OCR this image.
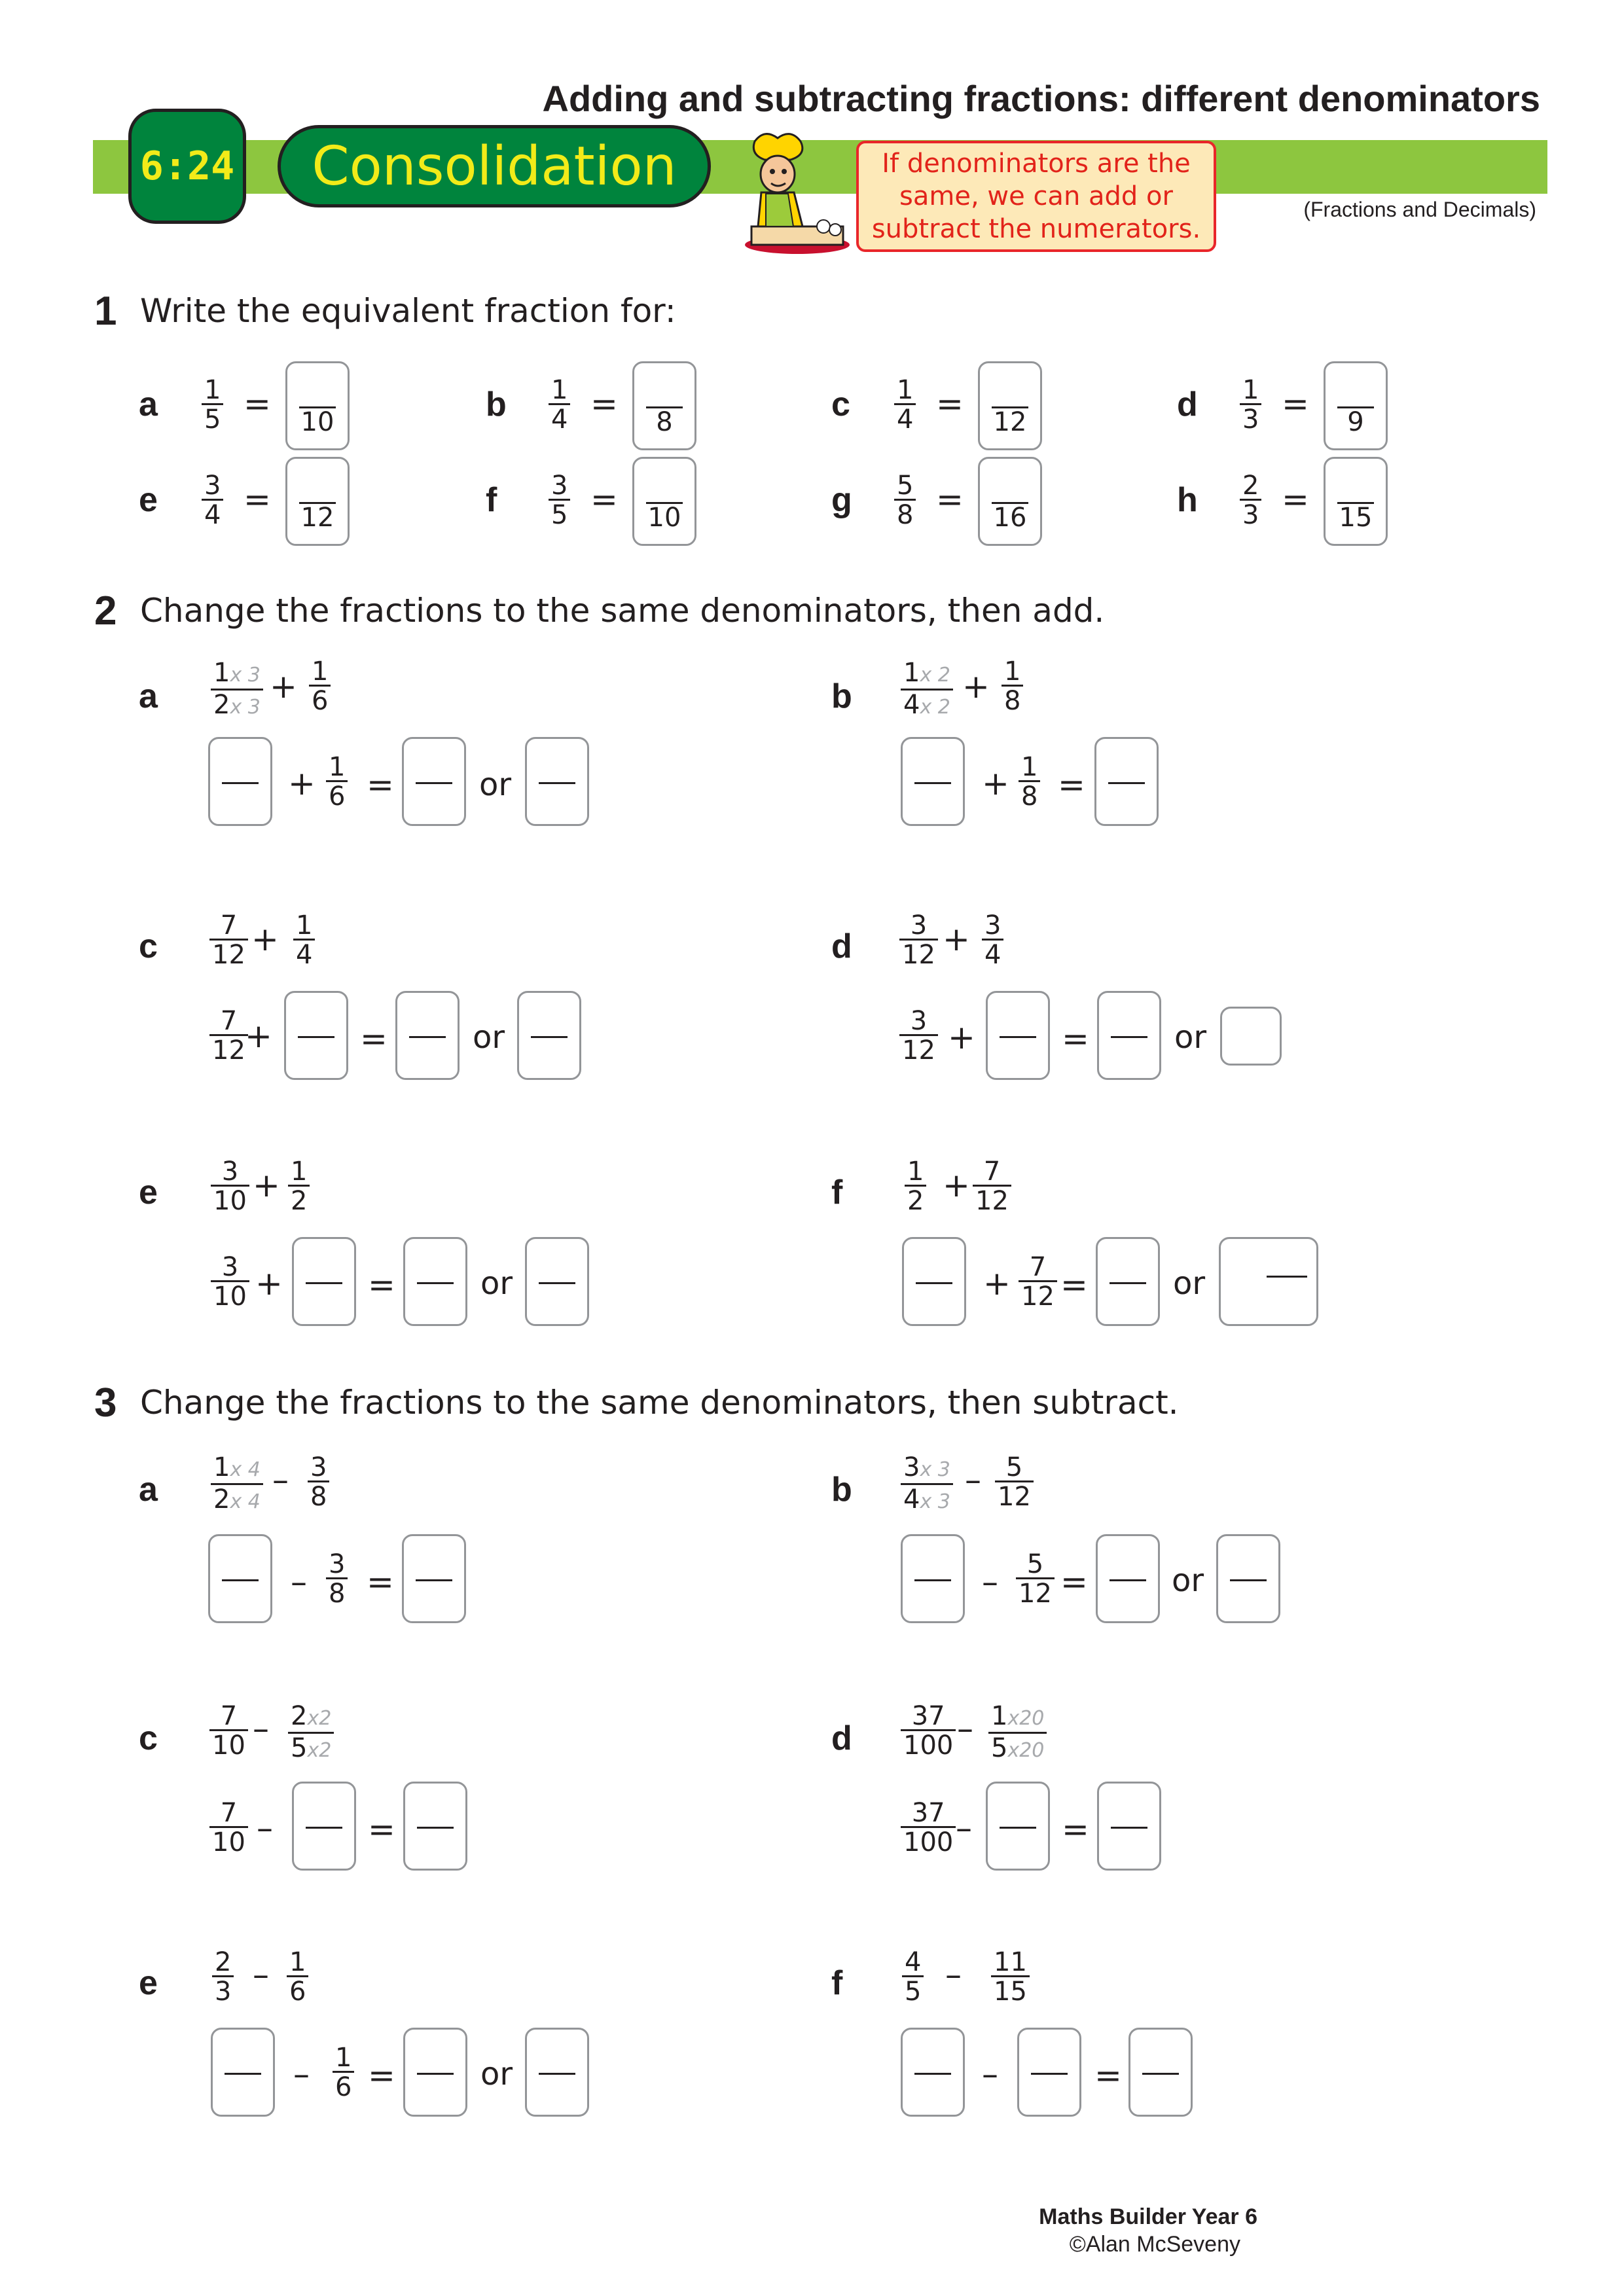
Adding and subtracting fractions: different denominators
6:24	Consolidation	If denominators are the
same, we can add or
subtract the numerators.
(Fractions and Decimals)
1 Write the equivalent fraction for:
a $\frac{1}{5}$ =	10	b $\frac{1}{4}$ =	8	c $\frac{1}{4}$ =	12	d $\frac{1}{3}$ =	9
e $\frac{3}{4}$ =	12	f $\frac{3}{5}$ =	10	g $\frac{5}{8}$ =	16	h $\frac{2}{3}$ =	15
2 Change the fractions to the same denominators, then add.
a $\frac{1x 3}{2x 3} + \frac{1}{6}$
+ $\frac{1}{6}$ =	or
b $\frac{1x 2}{4x 2} + \frac{1}{8}$
+ $\frac{1}{8}$ =
c $\frac{7}{12} + \frac{1}{4}$
$\frac{7}{12}$
+	=	or
d $\frac{3}{12} + \frac{3}{4}$
$\frac{3}{12}$ +	=	or
e $\frac{3}{10} + \frac{1}{2}$
$\frac{3}{10}$ +	=	or
f $\frac{1}{2} + \frac{7}{12}$
+ $\frac{7}{12}$ =	or
3 Change the fractions to the same denominators, then subtract.
a $\frac{1x 4}{2x 4} - \frac{3}{8}$
– $\frac{3}{8}$ =
b $\frac{3x 3}{4x 3} - \frac{5}{12}$
– $\frac{5}{12}$ =	or
c $\frac{7}{10} - \frac{2x2}{5x2}$
$\frac{7}{10}$ –	=
d $\frac{37}{100} - \frac{1x20}{5x20}$
$\frac{37}{100}$ –	=
e $\frac{2}{3} - \frac{1}{6}$
– $\frac{1}{6}$ =	or
f $\frac{4}{5} - \frac{11}{15}$
–	=
Maths Builder Year 6
©Alan McSeveny
